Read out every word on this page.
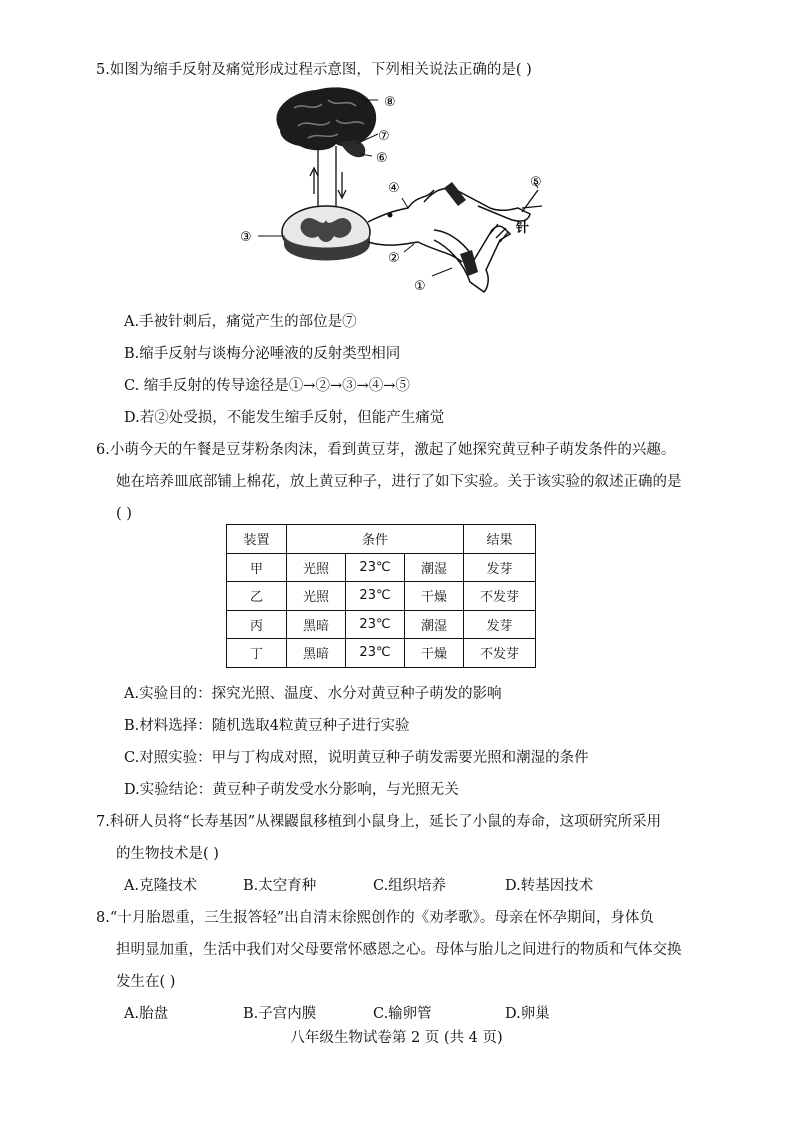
5.如图为缩手反射及痛觉形成过程示意图，下列相关说法正确的是( )
⑧
⑦
⑥
④	⑤
③
②
①
针
A.手被针刺后，痛觉产生的部位是⑦
B.缩手反射与谈梅分泌唾液的反射类型相同
C. 缩手反射的传导途径是①→②→③→④→⑤
D.若②处受损，不能发生缩手反射，但能产生痛觉
6.小萌今天的午餐是豆芽粉条肉沫，看到黄豆芽，激起了她探究黄豆种子萌发条件的兴趣。
她在培养皿底部铺上棉花，放上黄豆种子，进行了如下实验。关于该实验的叙述正确的是
( )
装置	条件			结果
甲	光照	23℃	潮湿	发芽
乙	光照	23℃	干燥	不发芽
丙	黑暗	23℃	潮湿	发芽
丁	黑暗	23℃	干燥	不发芽
A.实验目的：探究光照、温度、水分对黄豆种子萌发的影响
B.材料选择：随机选取4粒黄豆种子进行实验
C.对照实验：甲与丁构成对照，说明黄豆种子萌发需要光照和潮湿的条件
D.实验结论：黄豆种子萌发受水分影响，与光照无关
7.科研人员将“长寿基因”从裸鼹鼠移植到小鼠身上，延长了小鼠的寿命，这项研究所采用
的生物技术是( )
A.克隆技术	B.太空育种	C.组织培养	D.转基因技术
8.“十月胎恩重，三生报答轻”出自清末徐熙创作的《劝孝歌》。母亲在怀孕期间，身体负
担明显加重，生活中我们对父母要常怀感恩之心。母体与胎儿之间进行的物质和气体交换
发生在( )
A.胎盘	B.子宫内膜	C.输卵管	D.卵巢
八年级生物试卷第 2 页 (共 4 页)
